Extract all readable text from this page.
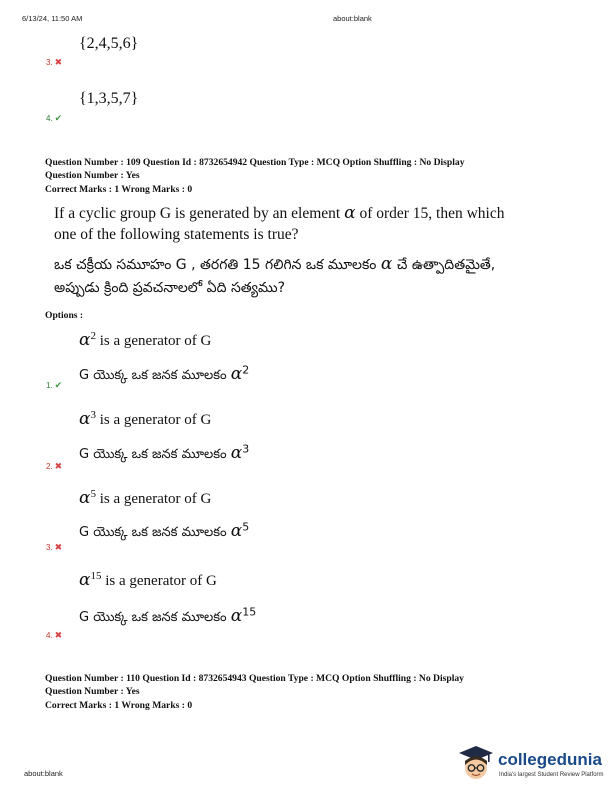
6/13/24, 11:50 AM	about:blank
3. ✖
{2,4,5,6}
4. ✔
{1,3,5,7}
Question Number : 109 Question Id : 8732654942 Question Type : MCQ Option Shuffling : No Display
Question Number : Yes
Correct Marks : 1 Wrong Marks : 0
If a cyclic group G is generated by an element α of order 15, then which
one of the following statements is true?
ఒక చక్రీయ సమూహం G , తరగతి 15 గలిగిన ఒక మూలకం α చే ఉత్పాదితమైతే,
అప్పుడు క్రింది ప్రవచనాలలో ఏది సత్యము?
Options :
$\alpha^2$ is a generator of G
G యొక్క ఒక జనక మూలకం $\alpha^2$
1. ✔
$\alpha^3$ is a generator of G
G యొక్క ఒక జనక మూలకం $\alpha^3$
2. ✖
$\alpha^5$ is a generator of G
G యొక్క ఒక జనక మూలకం $\alpha^5$
3. ✖
$\alpha^{15}$ is a generator of G
G యొక్క ఒక జనక మూలకం $\alpha^{15}$
4. ✖
Question Number : 110 Question Id : 8732654943 Question Type : MCQ Option Shuffling : No Display
Question Number : Yes
Correct Marks : 1 Wrong Marks : 0
about:blank
collegedunia
India's largest Student Review Platform
